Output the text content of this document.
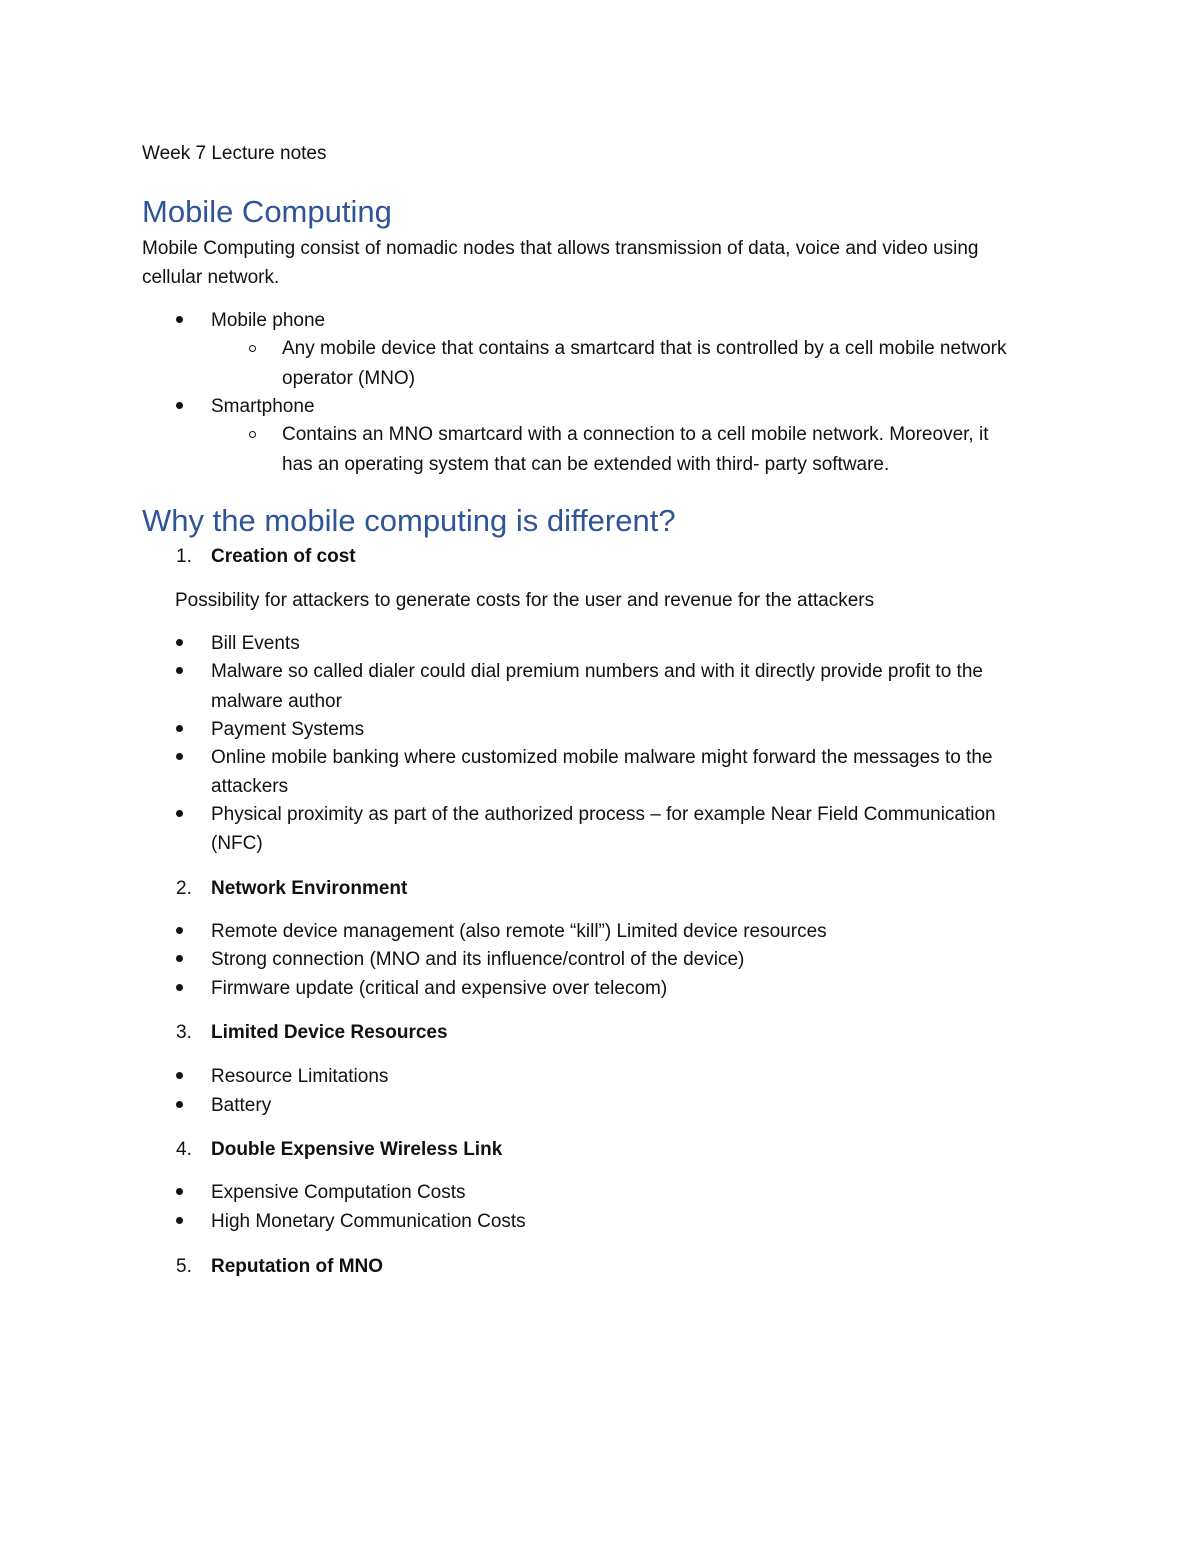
Week 7 Lecture notes
Mobile Computing
Mobile Computing consist of nomadic nodes that allows transmission of data, voice and video using
cellular network.
Mobile phone
Any mobile device that contains a smartcard that is controlled by a cell mobile network
operator (MNO)
Smartphone
Contains an MNO smartcard with a connection to a cell mobile network. Moreover, it
has an operating system that can be extended with third- party software.
Why the mobile computing is different?
1. Creation of cost
Possibility for attackers to generate costs for the user and revenue for the attackers
Bill Events
Malware so called dialer could dial premium numbers and with it directly provide profit to the
malware author
Payment Systems
Online mobile banking where customized mobile malware might forward the messages to the
attackers
Physical proximity as part of the authorized process – for example Near Field Communication
(NFC)
2. Network Environment
Remote device management (also remote “kill”) Limited device resources
Strong connection (MNO and its influence/control of the device)
Firmware update (critical and expensive over telecom)
3. Limited Device Resources
Resource Limitations
Battery
4. Double Expensive Wireless Link
Expensive Computation Costs
High Monetary Communication Costs
5. Reputation of MNO
